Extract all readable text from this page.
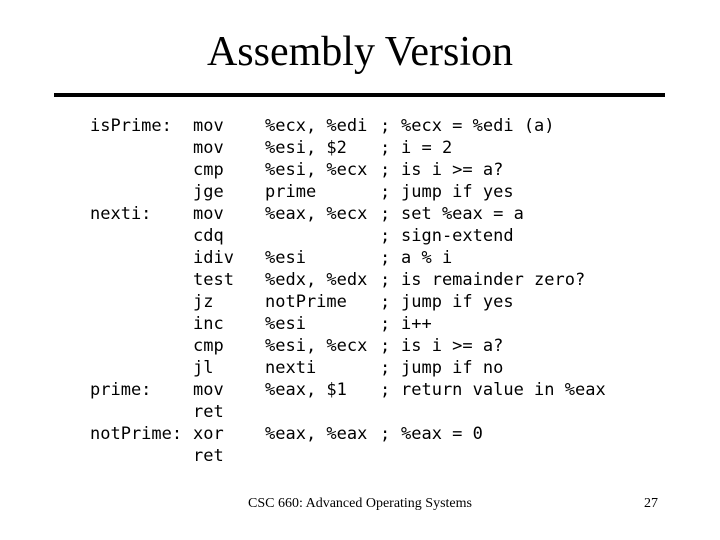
Assembly Version
isPrime: mov %ecx, %edi ; %ecx = %edi (a)
mov %esi, $2 ; i = 2
cmp %esi, %ecx ; is i >= a?
jge prime	; jump if yes
nexti: mov %eax, %ecx ; set %eax = a
cdq	; sign-extend
idiv %esi	; a % i
test %edx, %edx ; is remainder zero?
jz	notPrime ; jump if yes
inc %esi	; i++
cmp %esi, %ecx ; is i >= a?
jl	nexti	; jump if no
prime: mov %eax, $1 ; return value in %eax
ret
notPrime: xor %eax, %eax ; %eax = 0
ret
CSC 660: Advanced Operating Systems	27
